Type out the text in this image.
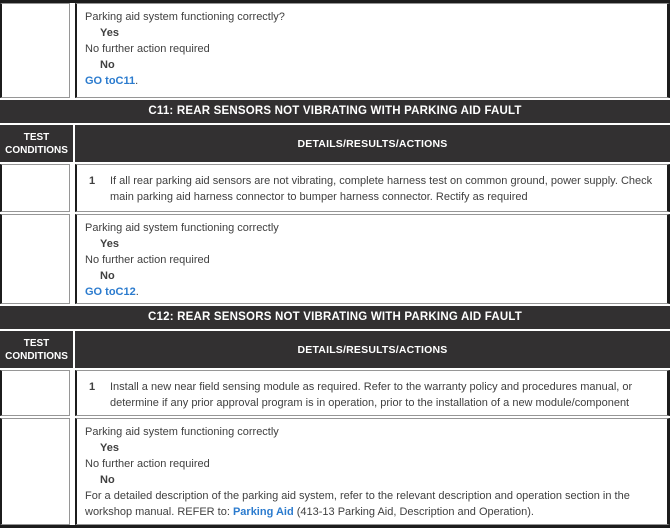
Parking aid system functioning correctly?
Yes
No further action required
No
GO toC11.
C11: REAR SENSORS NOT VIBRATING WITH PARKING AID FAULT
TEST CONDITIONS
DETAILS/RESULTS/ACTIONS
1	If all rear parking aid sensors are not vibrating, complete harness test on common ground, power supply. Check main parking aid harness connector to bumper harness connector. Rectify as required
Parking aid system functioning correctly
Yes
No further action required
No
GO toC12.
C12: REAR SENSORS NOT VIBRATING WITH PARKING AID FAULT
TEST CONDITIONS
DETAILS/RESULTS/ACTIONS
1	Install a new near field sensing module as required. Refer to the warranty policy and procedures manual, or determine if any prior approval program is in operation, prior to the installation of a new module/component
Parking aid system functioning correctly
Yes
No further action required
No
For a detailed description of the parking aid system, refer to the relevant description and operation section in the workshop manual. REFER to: Parking Aid (413-13 Parking Aid, Description and Operation).
